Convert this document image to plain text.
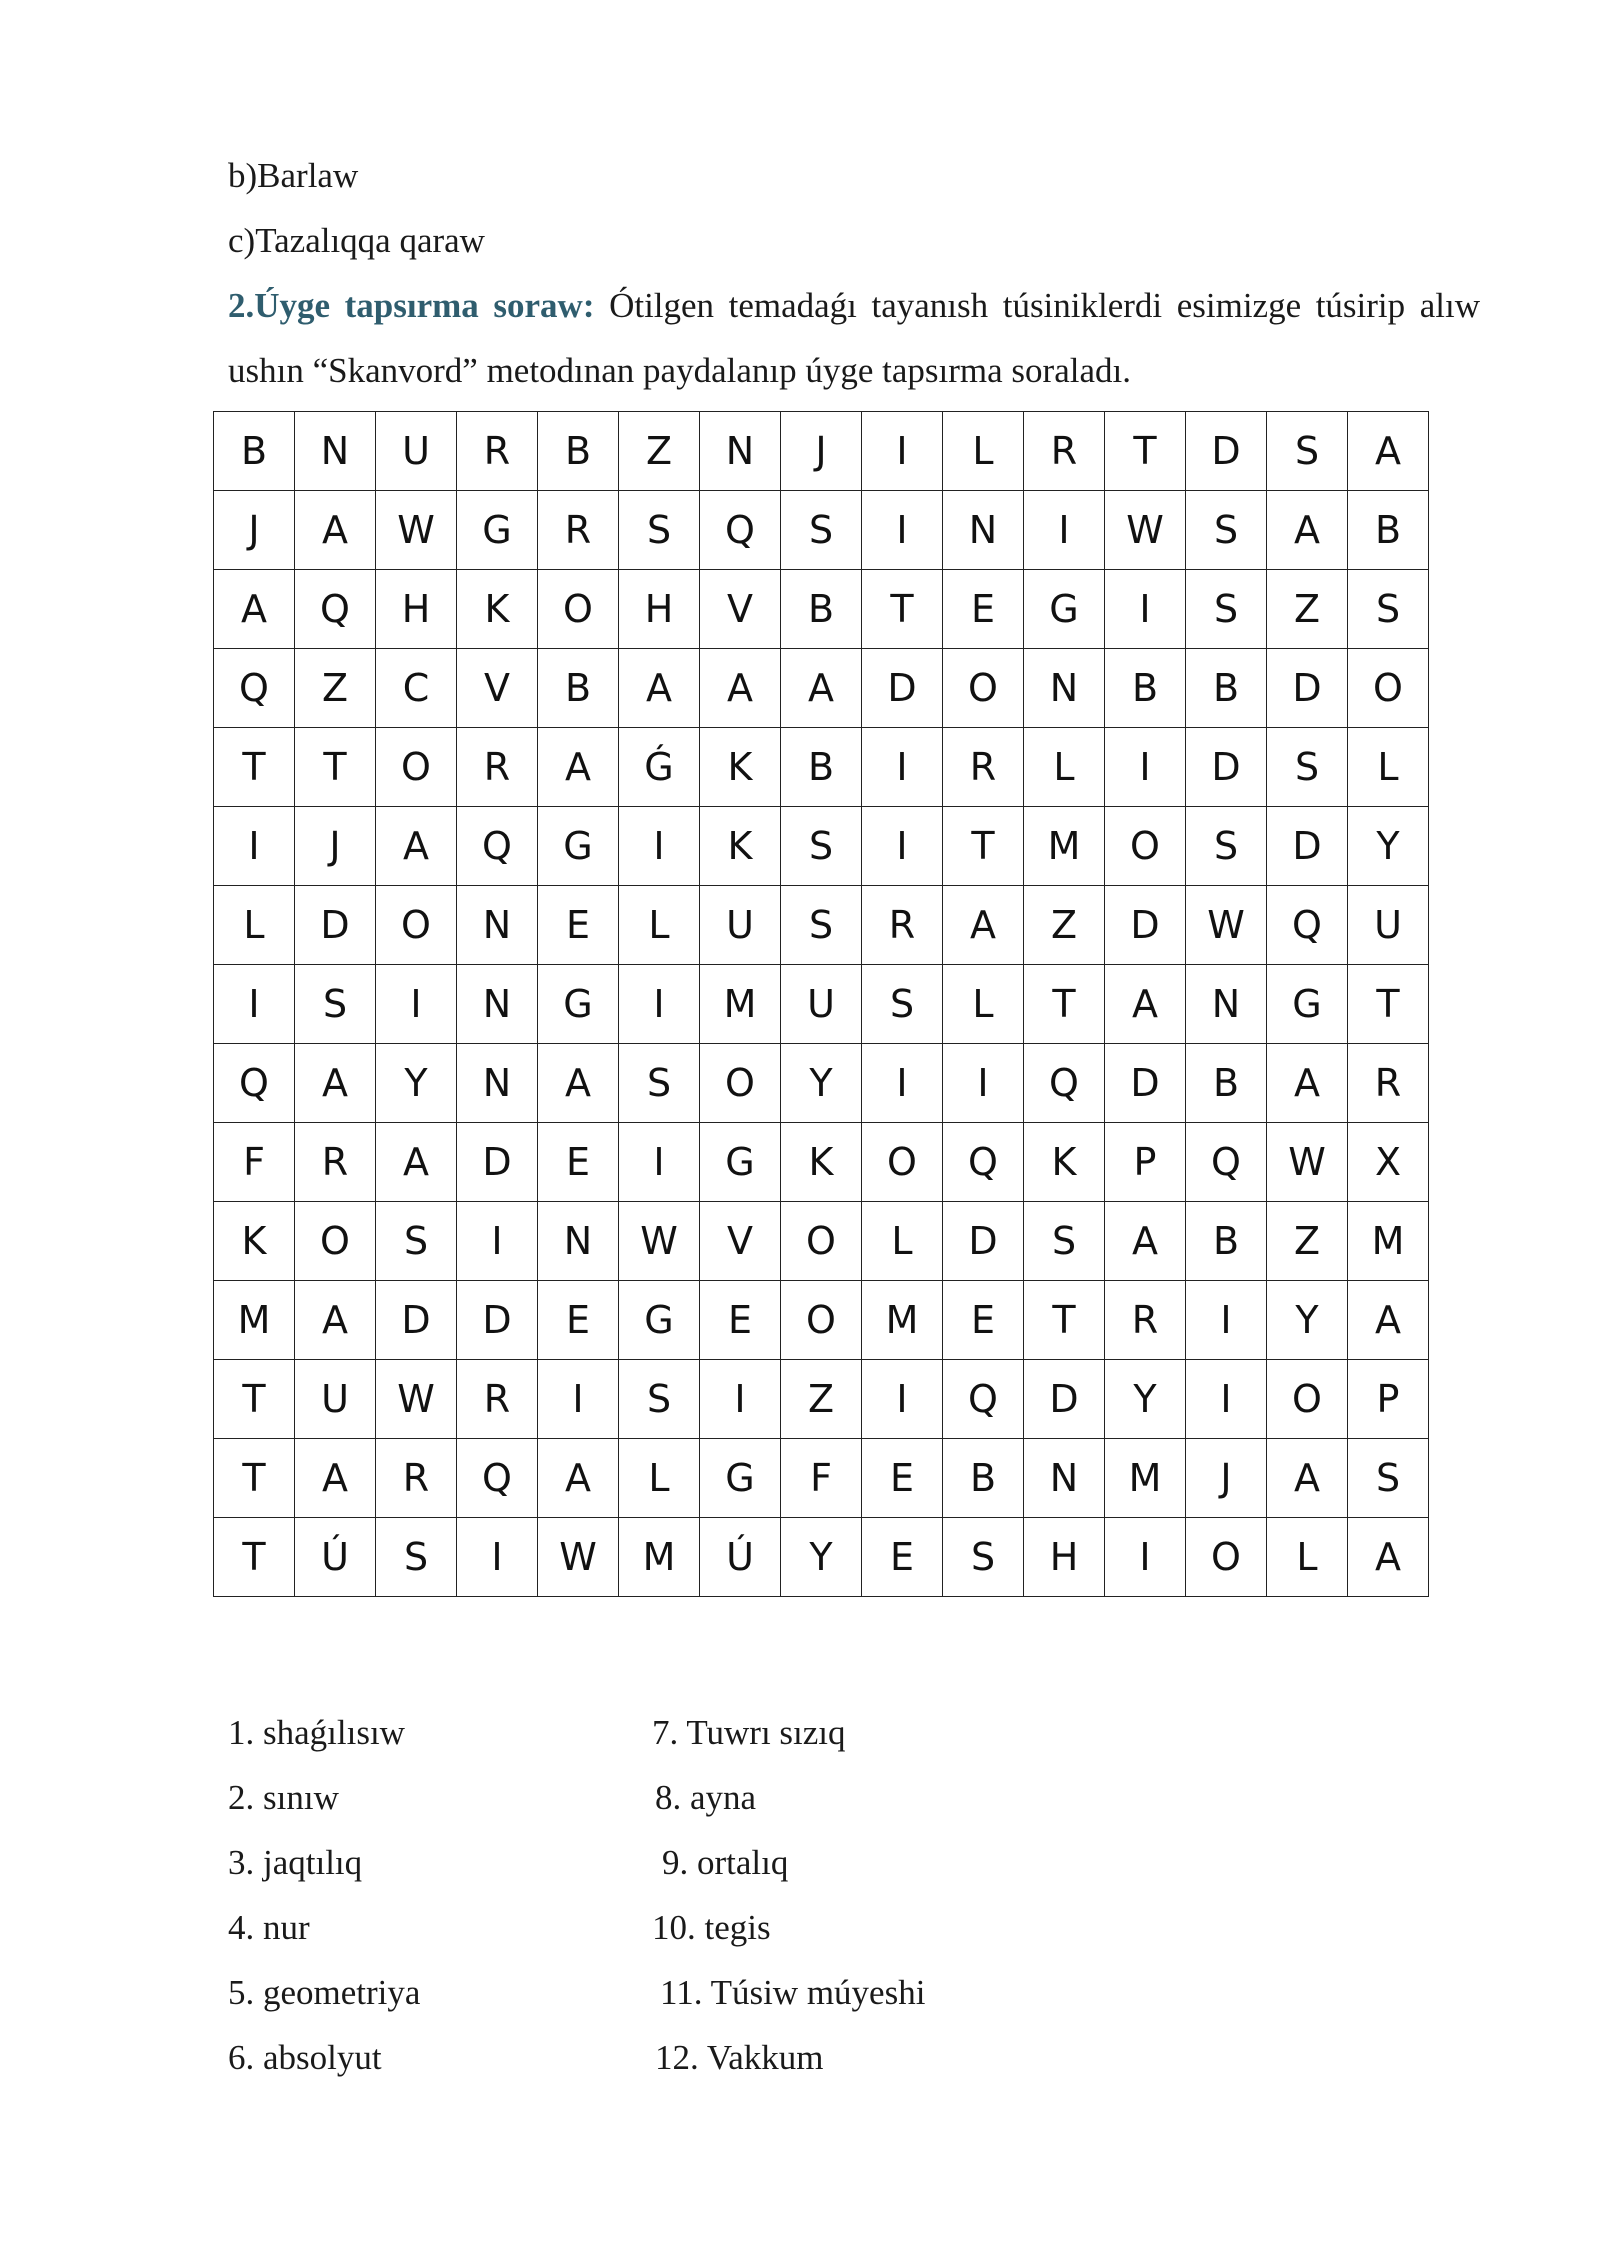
b)Barlaw
c)Tazalıqqa qaraw
2.Úyge tapsırma soraw: Ótilgen temadaǵı tayanısh túsiniklerdi esimizge túsirip alıw ushın “Skanvord” metodınan paydalanıp úyge tapsırma soraladı.
B	N	U	R	B	Z	N	J	I	L	R	T	D	S	A
J	A	W	G	R	S	Q	S	I	N	I	W	S	A	B
A	Q	H	K	O	H	V	B	T	E	G	I	S	Z	S
Q	Z	C	V	B	A	A	A	D	O	N	B	B	D	O
T	T	O	R	A	Ǵ	K	B	I	R	L	I	D	S	L
I	J	A	Q	G	I	K	S	I	T	M	O	S	D	Y
L	D	O	N	E	L	U	S	R	A	Z	D	W	Q	U
I	S	I	N	G	I	M	U	S	L	T	A	N	G	T
Q	A	Y	N	A	S	O	Y	I	I	Q	D	B	A	R
F	R	A	D	E	I	G	K	O	Q	K	P	Q	W	X
K	O	S	I	N	W	V	O	L	D	S	A	B	Z	M
M	A	D	D	E	G	E	O	M	E	T	R	I	Y	A
T	U	W	R	I	S	I	Z	I	Q	D	Y	I	O	P
T	A	R	Q	A	L	G	F	E	B	N	M	J	A	S
T	Ú	S	I	W	M	Ú	Y	E	S	H	I	O	L	A
1. shaǵılısıw
2. sınıw
3. jaqtılıq
4. nur
5. geometriya
6. absolyut
7. Tuwrı sızıq
8. ayna
9. ortalıq
10. tegis
11. Túsiw múyeshi
12. Vakkum
